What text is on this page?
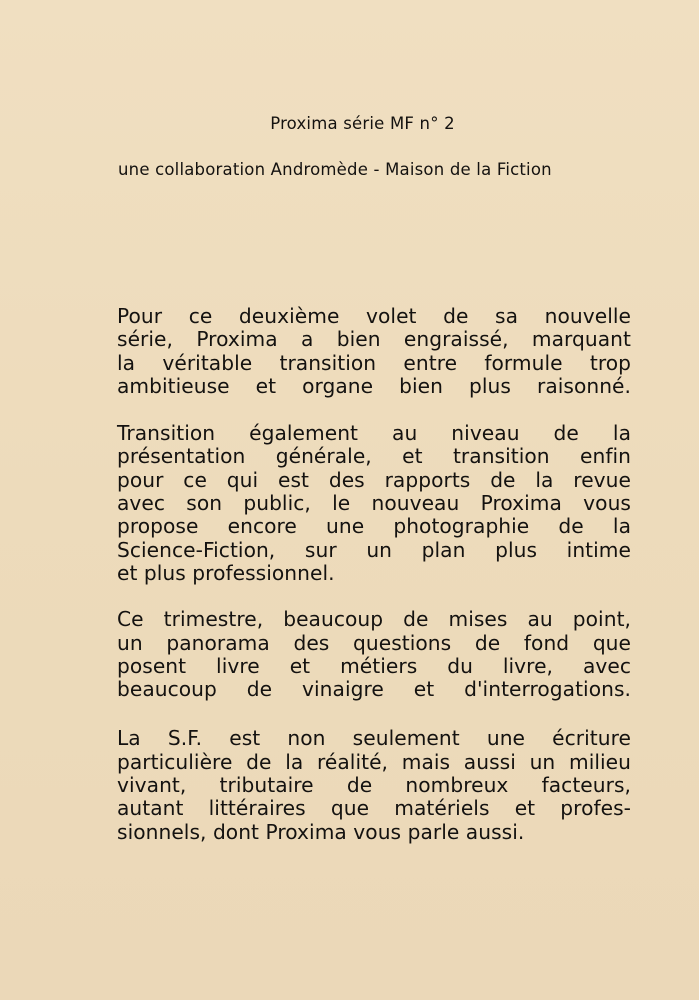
Proxima série MF n° 2
une collaboration Andromède - Maison de la Fiction
Pour ce deuxième volet de sa nouvelle
série, Proxima a bien engraissé, marquant
la véritable transition entre formule trop
ambitieuse et organe bien plus raisonné.
Transition également au niveau de la
présentation générale, et transition enfin
pour ce qui est des rapports de la revue
avec son public, le nouveau Proxima vous
propose encore une photographie de la
Science-Fiction, sur un plan plus intime
et plus professionnel.
Ce trimestre, beaucoup de mises au point,
un panorama des questions de fond que
posent livre et métiers du livre, avec
beaucoup de vinaigre et d'interrogations.
La S.F. est non seulement une écriture
particulière de la réalité, mais aussi un milieu
vivant, tributaire de nombreux facteurs,
autant littéraires que matériels et profes-
sionnels, dont Proxima vous parle aussi.
